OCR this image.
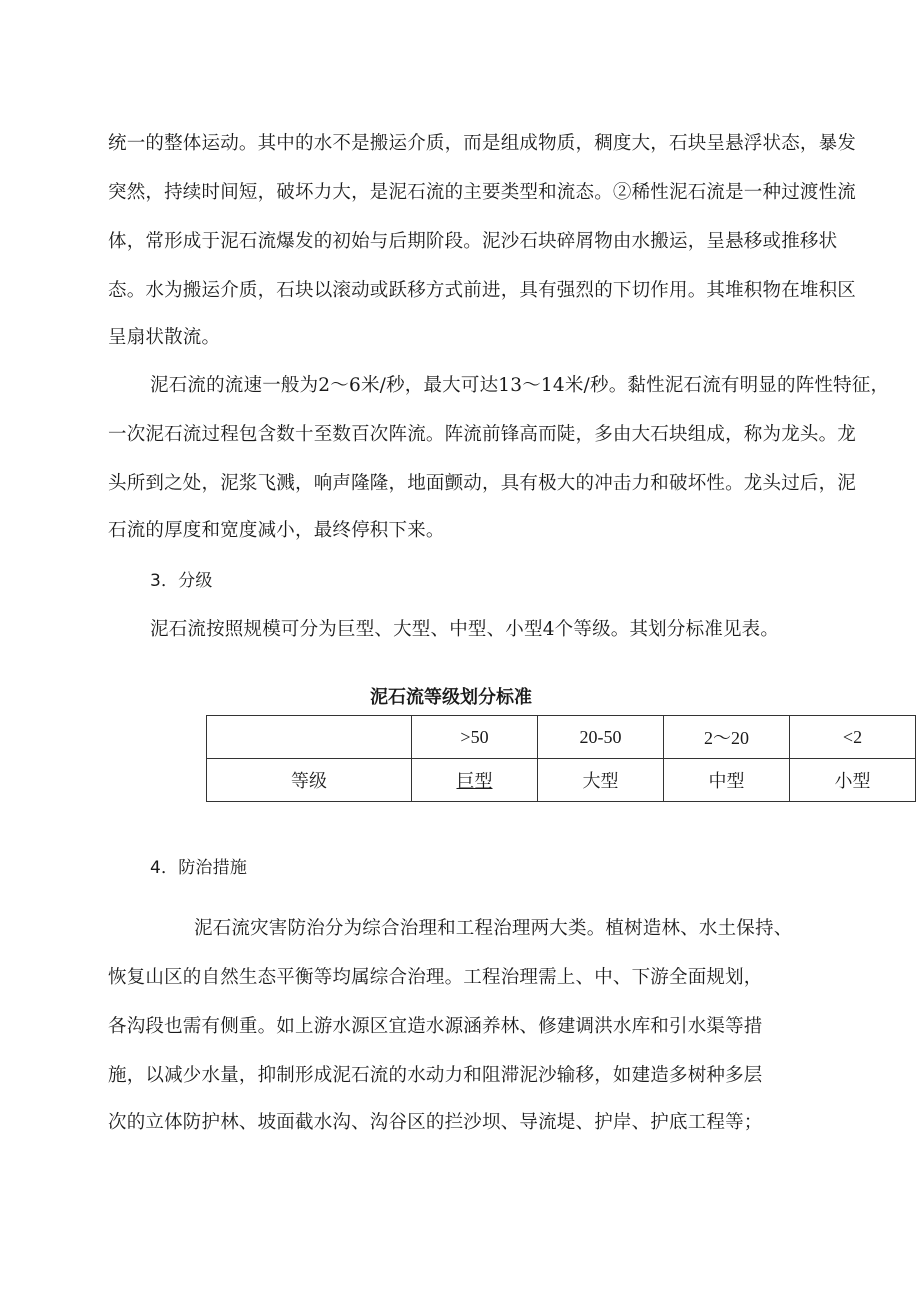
统一的整体运动。其中的水不是搬运介质，而是组成物质，稠度大，石块呈悬浮状态，暴发
突然，持续时间短，破坏力大，是泥石流的主要类型和流态。②稀性泥石流是一种过渡性流
体，常形成于泥石流爆发的初始与后期阶段。泥沙石块碎屑物由水搬运，呈悬移或推移状
态。水为搬运介质，石块以滚动或跃移方式前进，具有强烈的下切作用。其堆积物在堆积区
呈扇状散流。
泥石流的流速一般为2〜6米/秒，最大可达13〜14米/秒。黏性泥石流有明显的阵性特征，
一次泥石流过程包含数十至数百次阵流。阵流前锋高而陡，多由大石块组成，称为龙头。龙
头所到之处，泥浆飞溅，响声隆隆，地面颤动，具有极大的冲击力和破坏性。龙头过后，泥
石流的厚度和宽度减小，最终停积下来。
3．分级
泥石流按照规模可分为巨型、大型、中型、小型4个等级。其划分标准见表。
泥石流等级划分标准
	>50	20-50	2～20	<2
等级	巨型	大型	中型	小型
4．防治措施
泥石流灾害防治分为综合治理和工程治理两大类。植树造林、水土保持、
恢复山区的自然生态平衡等均属综合治理。工程治理需上、中、下游全面规划，
各沟段也需有侧重。如上游水源区宜造水源涵养林、修建调洪水库和引水渠等措
施，以减少水量，抑制形成泥石流的水动力和阻滞泥沙输移，如建造多树种多层
次的立体防护林、坡面截水沟、沟谷区的拦沙坝、导流堤、护岸、护底工程等；
